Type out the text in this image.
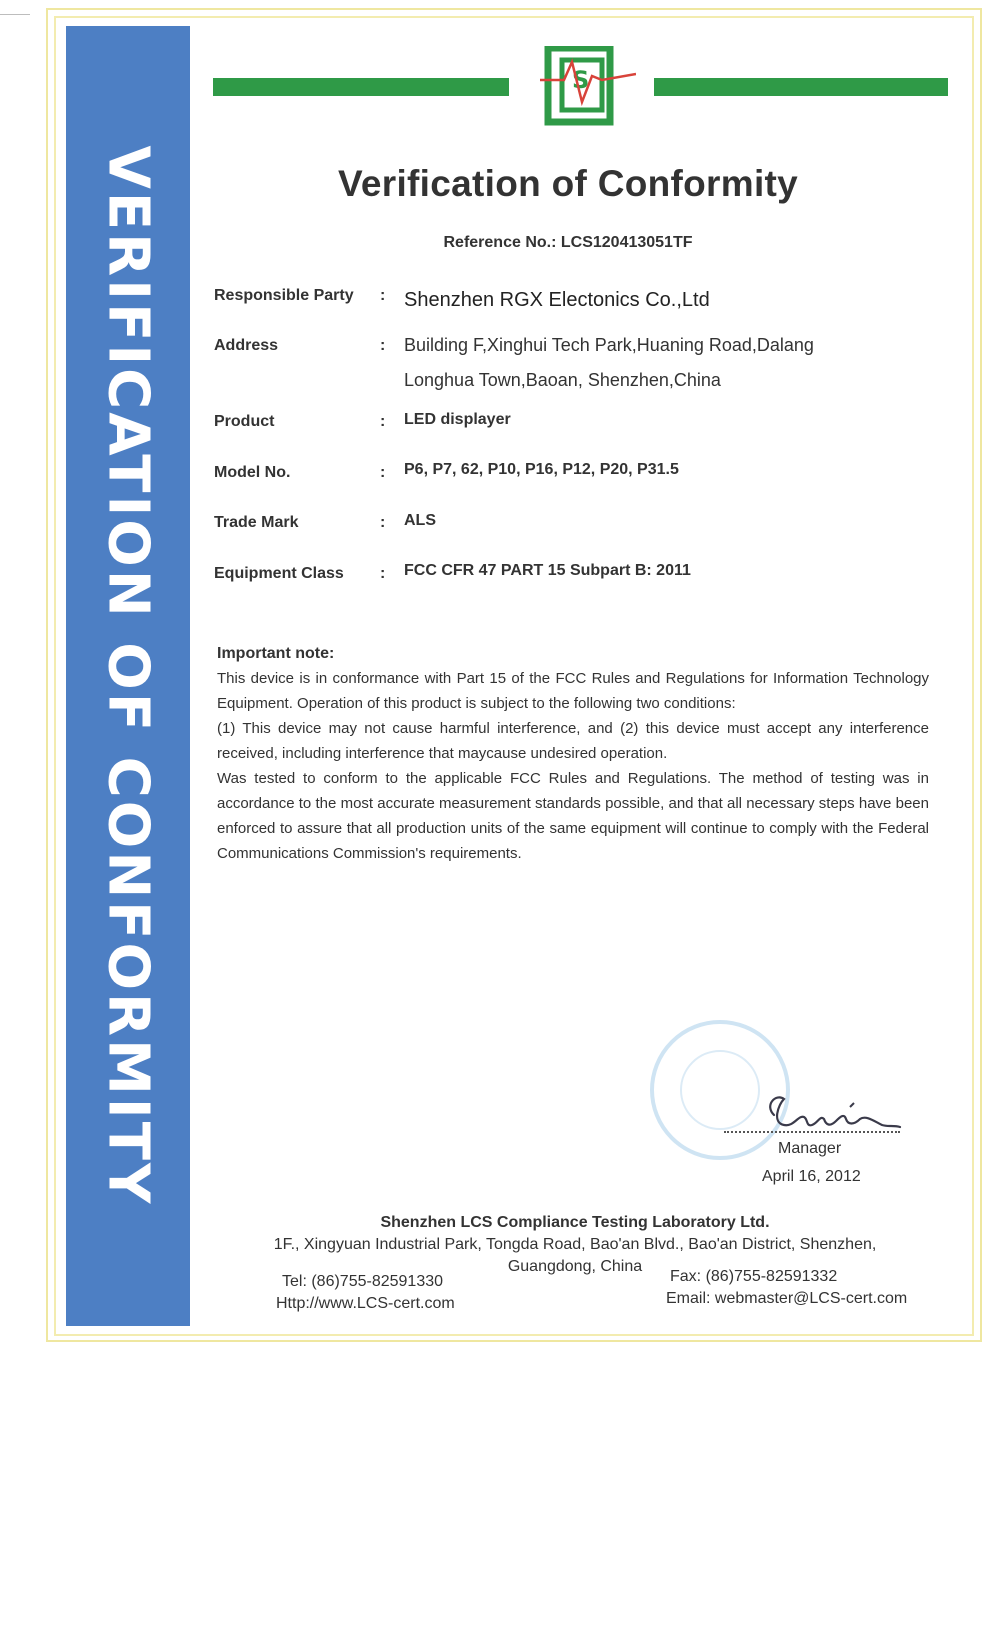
VERIFICATION OF CONFORMITY
S
Verification of Conformity
Reference No.: LCS120413051TF
Responsible Party : Shenzhen RGX Electonics Co.,Ltd
Address	: Building F,Xinghui Tech Park,Huaning Road,Dalang
Longhua Town,Baoan, Shenzhen,China
Product	: LED displayer
Model No.	: P6, P7, 62, P10, P16, P12, P20, P31.5
Trade Mark	: ALS
Equipment Class : FCC CFR 47 PART 15 Subpart B: 2011
Important note:

This device is in conformance with Part 15 of the FCC Rules and Regulations for Information Technology Equipment. Operation of this product is subject to the following two conditions:

(1) This device may not cause harmful interference, and (2) this device must accept any interference received, including interference that maycause undesired operation.

Was tested to conform to the applicable FCC Rules and Regulations. The method of testing was in accordance to the most accurate measurement standards possible, and that all necessary steps have been enforced to assure that all production units of the same equipment will continue to comply with the Federal Communications Commission's requirements.

Manager
April 16, 2012
Shenzhen LCS Compliance Testing Laboratory Ltd.
1F., Xingyuan Industrial Park, Tongda Road, Bao'an Blvd., Bao'an District, Shenzhen,
Guangdong, China
Tel: (86)755-82591330
Http://www.LCS-cert.com
Fax: (86)755-82591332
Email: webmaster@LCS-cert.com
